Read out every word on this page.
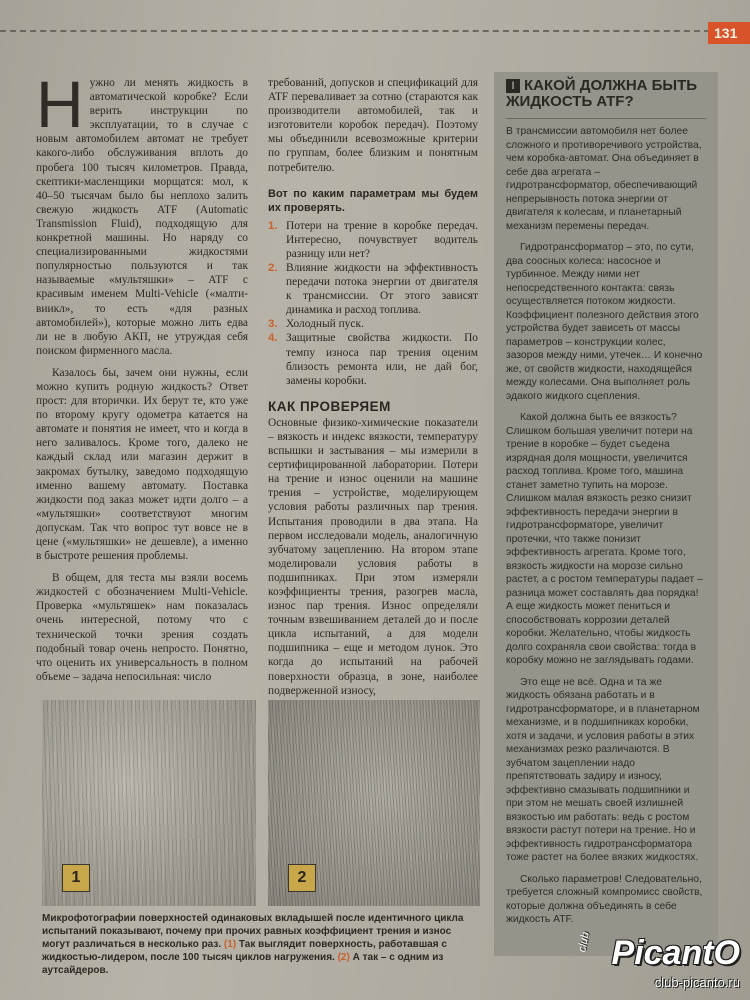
131
Н ужно ли менять жидкость в автоматической коробке? Если верить инструкции по эксплуатации, то в случае с новым автомобилем автомат не требует какого-либо обслуживания вплоть до пробега 100 тысяч километров. Правда, скептики-масленщики морщатся: мол, к 40–50 тысячам было бы неплохо залить свежую жидкость ATF (Automatic Transmission Fluid), подходящую для конкретной машины. Но наряду со специализированными жидкостями популярностью пользуются и так называемые «мультяшки» – ATF с красивым именем Multi-Vehicle («малти-виикл», то есть «для разных автомобилей»), которые можно лить едва ли не в любую АКП, не утруждая себя поиском фирменного масла.

Казалось бы, зачем они нужны, если можно купить родную жидкость? Ответ прост: для вторички. Их берут те, кто уже по второму кругу одометра катается на автомате и понятия не имеет, что и когда в него заливалось. Кроме того, далеко не каждый склад или магазин держит в закромах бутылку, заведомо подходящую именно вашему автомату. Поставка жидкости под заказ может идти долго – а «мультяшки» соответствуют многим допускам. Так что вопрос тут вовсе не в цене («мультяшки» не дешевле), а именно в быстроте решения проблемы.

В общем, для теста мы взяли восемь жидкостей с обозначением Multi-Vehicle. Проверка «мультяшек» нам показалась очень интересной, потому что с технической точки зрения создать подобный товар очень непросто. Понятно, что оценить их универсальность в полном объеме – задача непосильная: число

требований, допусков и спецификаций для ATF переваливает за сотню (стараются как производители автомобилей, так и изготовители коробок передач). Поэтому мы объединили всевозможные критерии по группам, более близким и понятным потребителю.

Вот по каким параметрам мы будем их проверять.
1. Потери на трение в коробке передач. Интересно, почувствует водитель разницу или нет?
2. Влияние жидкости на эффективность передачи потока энергии от двигателя к трансмиссии. От этого зависят динамика и расход топлива.
3. Холодный пуск.
4. Защитные свойства жидкости. По темпу износа пар трения оценим близость ремонта или, не дай бог, замены коробки.
КАК ПРОВЕРЯЕМ

Основные физико-химические показатели – вязкость и индекс вязкости, температуру вспышки и застывания – мы измерили в сертифицированной лаборатории. Потери на трение и износ оценили на машине трения – устройстве, моделирующем условия работы различных пар трения. Испытания проводили в два этапа. На первом исследовали модель, аналогичную зубчатому зацеплению. На втором этапе моделировали условия работы в подшипниках. При этом измеряли коэффициенты трения, разогрев масла, износ пар трения. Износ определяли точным взвешиванием деталей до и после цикла испытаний, а для модели подшипника – еще и методом лунок. Это когда до испытаний на рабочей поверхности образца, в зоне, наиболее подверженной износу,

I КАКОЙ ДОЛЖНА БЫТЬ ЖИДКОСТЬ ATF?

В трансмиссии автомобиля нет более сложного и противоречивого устройства, чем коробка-автомат. Она объединяет в себе два агрегата – гидротрансформатор, обеспечивающий непрерывность потока энергии от двигателя к колесам, и планетарный механизм перемены передач.

Гидротрансформатор – это, по сути, два соосных колеса: насосное и турбинное. Между ними нет непосредственного контакта: связь осуществляется потоком жидкости. Коэффициент полезного действия этого устройства будет зависеть от массы параметров – конструкции колес, зазоров между ними, утечек… И конечно же, от свойств жидкости, находящейся между колесами. Она выполняет роль эдакого жидкого сцепления.

Какой должна быть ее вязкость? Слишком большая увеличит потери на трение в коробке – будет съедена изрядная доля мощности, увеличится расход топлива. Кроме того, машина станет заметно тупить на морозе. Слишком малая вязкость резко снизит эффективность передачи энергии в гидротрансформаторе, увеличит протечки, что также понизит эффективность агрегата. Кроме того, вязкость жидкости на морозе сильно растет, а с ростом температуры падает – разница может составлять два порядка! А еще жидкость может пениться и способствовать коррозии деталей коробки. Желательно, чтобы жидкость долго сохраняла свои свойства: тогда в коробку можно не заглядывать годами.

Это еще не всё. Одна и та же жидкость обязана работать и в гидротрансформаторе, и в планетарном механизме, и в подшипниках коробки, хотя и задачи, и условия работы в этих механизмах резко различаются. В зубчатом зацеплении надо препятствовать задиру и износу, эффективно смазывать подшипники и при этом не мешать своей излишней вязкостью им работать: ведь с ростом вязкости растут потери на трение. Но и эффективность гидротрансформатора тоже растет на более вязких жидкостях.

Сколько параметров! Следовательно, требуется сложный компромисс свойств, которые должна объединять в себе жидкость ATF.

1	2
Микрофотографии поверхностей одинаковых вкладышей после идентичного цикла испытаний показывают, почему при прочих равных коэффициент трения и износ могут различаться в несколько раз. (1) Так выглядит поверхность, работавшая с жидкостью-лидером, после 100 тысяч циклов нагружения. (2) А так – с одним из аутсайдеров.
club PicantO
club-picanto.ru
